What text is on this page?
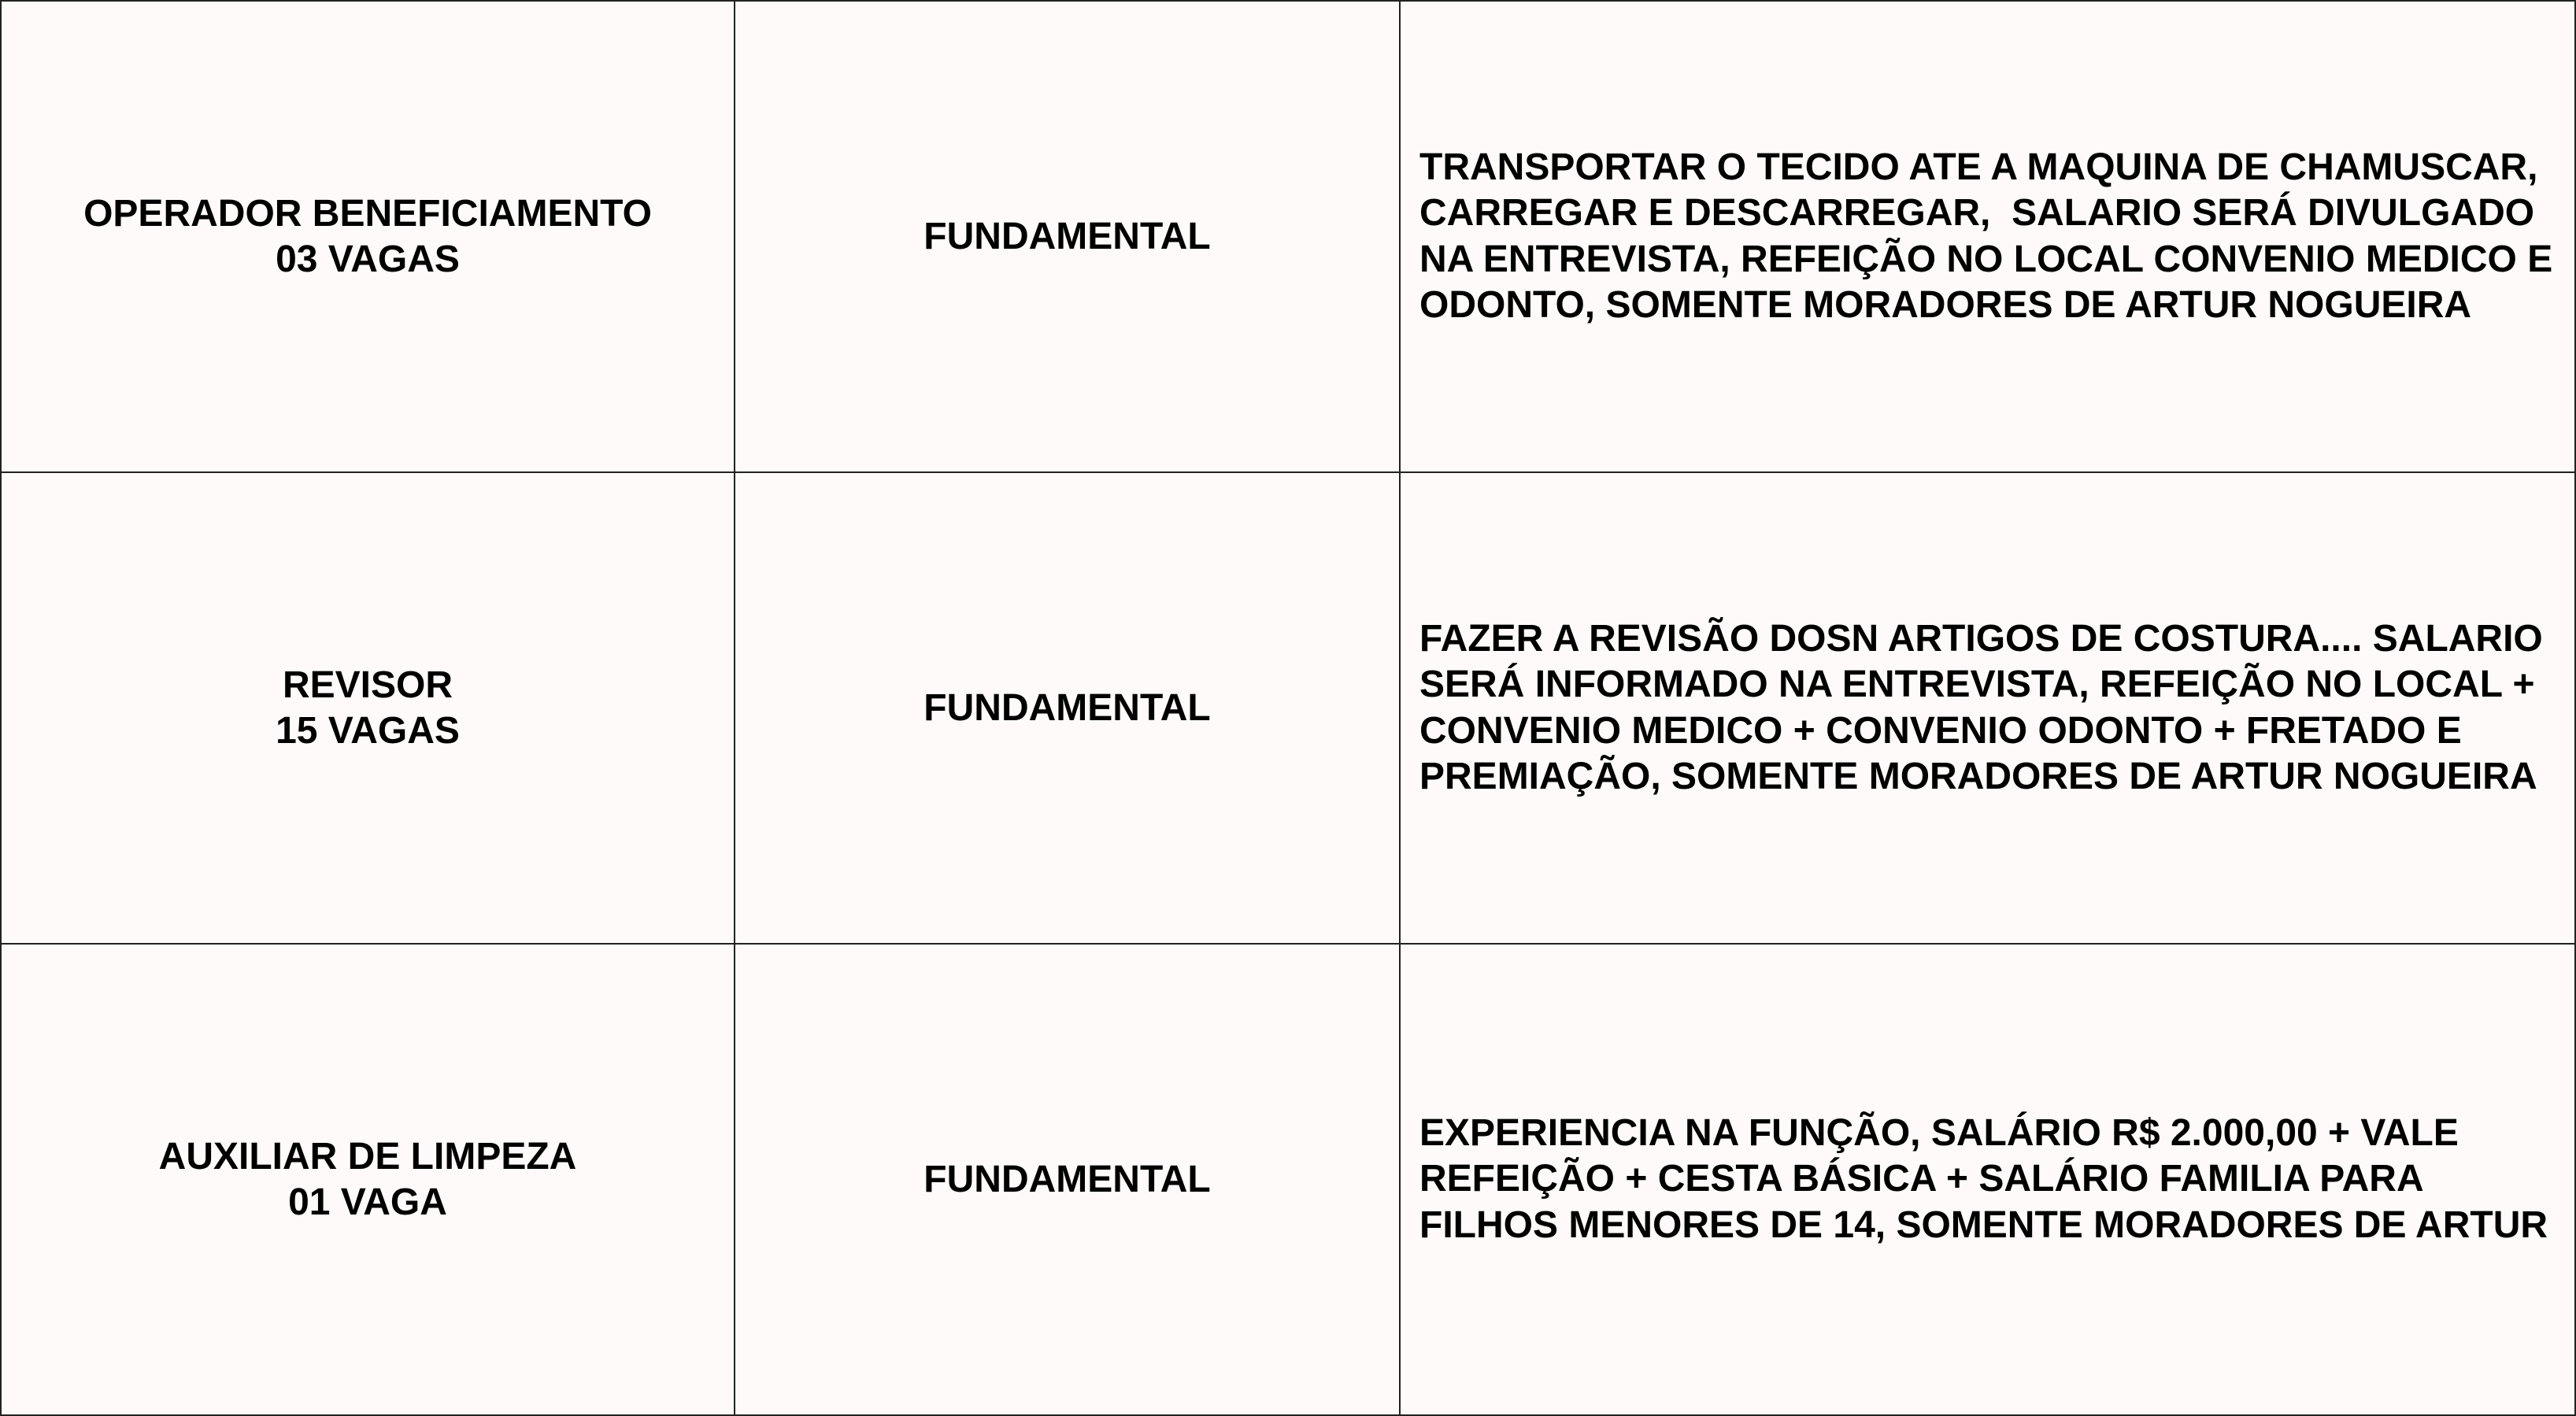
OPERADOR BENEFICIAMENTO
03 VAGAS	FUNDAMENTAL	TRANSPORTAR O TECIDO ATE A MAQUINA DE CHAMUSCAR, CARREGAR E DESCARREGAR,  SALARIO SERÁ DIVULGADO NA ENTREVISTA, REFEIÇÃO NO LOCAL CONVENIO MEDICO E ODONTO, SOMENTE MORADORES DE ARTUR NOGUEIRA

REVISOR
15 VAGAS	FUNDAMENTAL	FAZER A REVISÃO DOSN ARTIGOS DE COSTURA.... SALARIO SERÁ INFORMADO NA ENTREVISTA, REFEIÇÃO NO LOCAL + CONVENIO MEDICO + CONVENIO ODONTO + FRETADO E PREMIAÇÃO, SOMENTE MORADORES DE ARTUR NOGUEIRA

AUXILIAR DE LIMPEZA
01 VAGA	FUNDAMENTAL	EXPERIENCIA NA FUNÇÃO, SALÁRIO R$ 2.000,00 + VALE REFEIÇÃO + CESTA BÁSICA + SALÁRIO FAMILIA PARA FILHOS MENORES DE 14, SOMENTE MORADORES DE ARTUR
